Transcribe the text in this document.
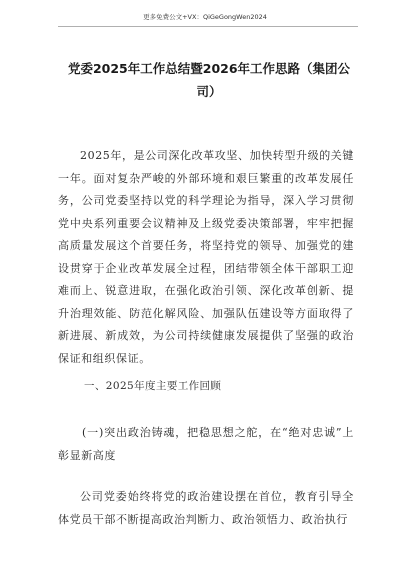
更多免费公文+VX：QiGeGongWen2024
党委2025年工作总结暨2026年工作思路（集团公司）
2025年，是公司深化改革攻坚、加快转型升级的关键一年。面对复杂严峻的外部环境和艰巨繁重的改革发展任务，公司党委坚持以党的科学理论为指导，深入学习贯彻党中央系列重要会议精神及上级党委决策部署，牢牢把握高质量发展这个首要任务，将坚持党的领导、加强党的建设贯穿于企业改革发展全过程，团结带领全体干部职工迎难而上、锐意进取，在强化政治引领、深化改革创新、提升治理效能、防范化解风险、加强队伍建设等方面取得了新进展、新成效，为公司持续健康发展提供了坚强的政治保证和组织保证。
一、2025年度主要工作回顾
(一)突出政治铸魂，把稳思想之舵，在“绝对忠诚”上彰显新高度
公司党委始终将党的政治建设摆在首位，教育引导全体党员干部不断提高政治判断力、政治领悟力、政治执行
